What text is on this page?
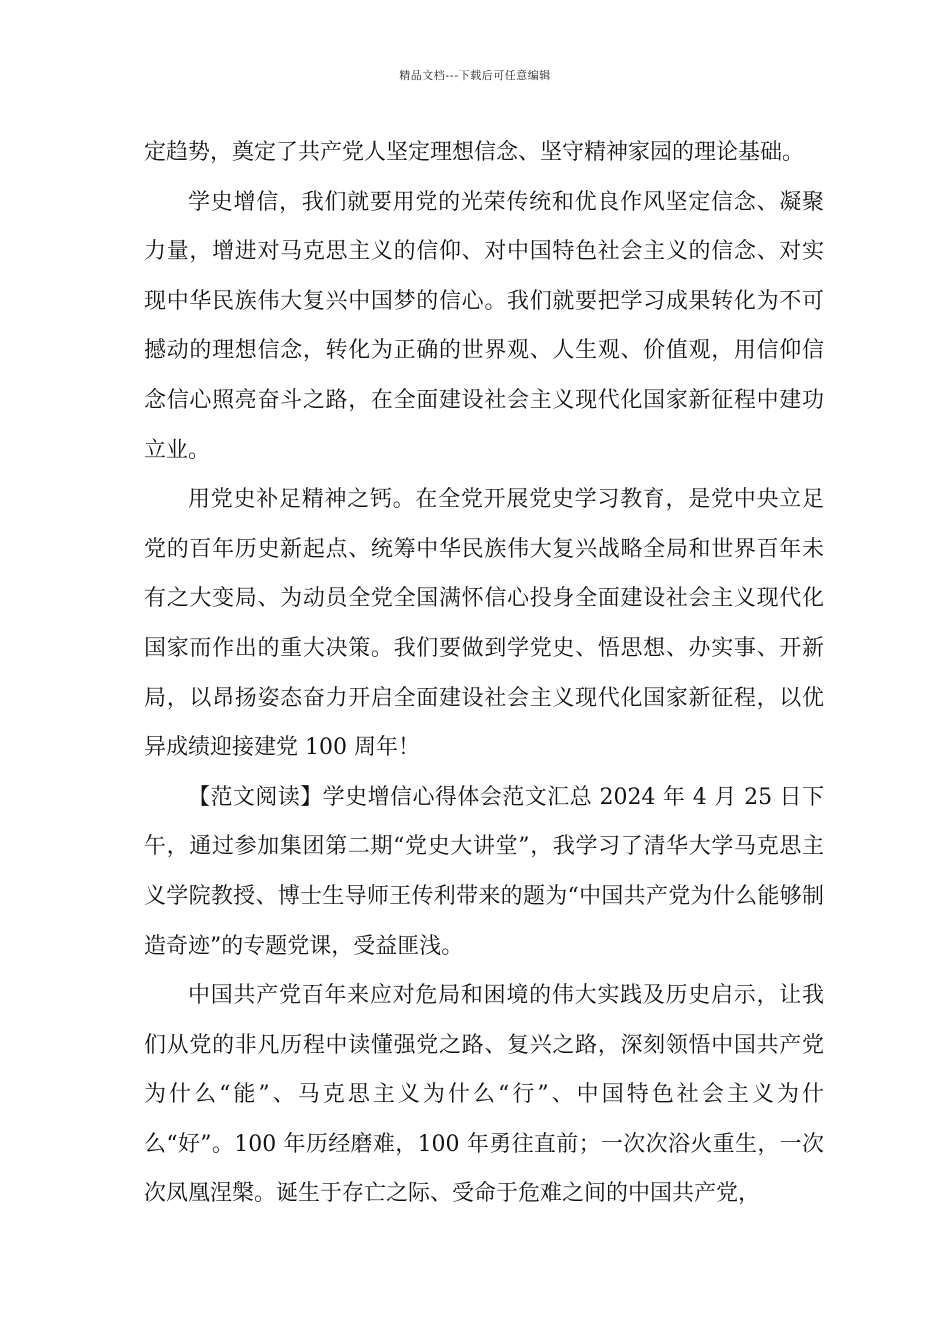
精品文档---下载后可任意编辑

定趋势，奠定了共产党人坚定理想信念、坚守精神家园的理论基础。

学史增信，我们就要用党的光荣传统和优良作风坚定信念、凝聚力量，增进对马克思主义的信仰、对中国特色社会主义的信念、对实现中华民族伟大复兴中国梦的信心。我们就要把学习成果转化为不可撼动的理想信念，转化为正确的世界观、人生观、价值观，用信仰信念信心照亮奋斗之路，在全面建设社会主义现代化国家新征程中建功立业。

用党史补足精神之钙。在全党开展党史学习教育，是党中央立足党的百年历史新起点、统筹中华民族伟大复兴战略全局和世界百年未有之大变局、为动员全党全国满怀信心投身全面建设社会主义现代化国家而作出的重大决策。我们要做到学党史、悟思想、办实事、开新局，以昂扬姿态奋力开启全面建设社会主义现代化国家新征程，以优异成绩迎接建党 100 周年！

【范文阅读】学史增信心得体会范文汇总 2024 年 4 月 25 日下午，通过参加集团第二期“党史大讲堂”，我学习了清华大学马克思主义学院教授、博士生导师王传利带来的题为“中国共产党为什么能够制造奇迹”的专题党课，受益匪浅。

中国共产党百年来应对危局和困境的伟大实践及历史启示，让我们从党的非凡历程中读懂强党之路、复兴之路，深刻领悟中国共产党为什么“能”、马克思主义为什么“行”、中国特色社会主义为什么“好”。100 年历经磨难，100 年勇往直前；一次次浴火重生，一次次凤凰涅槃。诞生于存亡之际、受命于危难之间的中国共产党，
